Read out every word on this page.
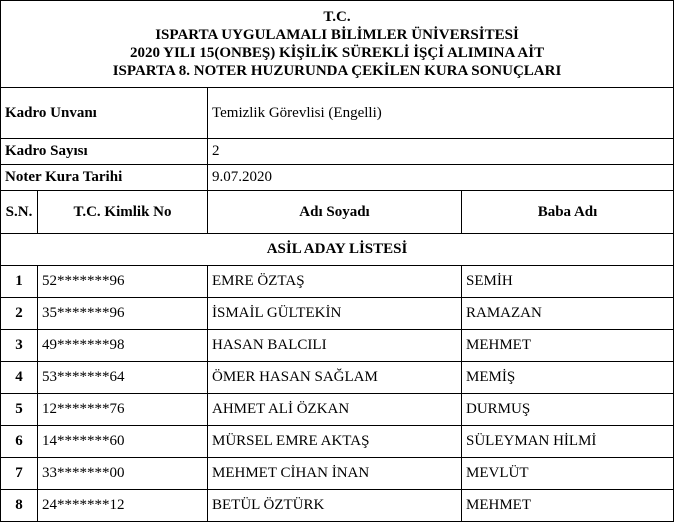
T.C.
ISPARTA UYGULAMALI BİLİMLER ÜNİVERSİTESİ
2020 YILI 15(ONBEŞ) KİŞİLİK SÜREKLİ İŞÇİ ALIMINA AİT
ISPARTA 8. NOTER HUZURUNDA ÇEKİLEN KURA SONUÇLARI			

Kadro Unvanı		Temizlik Görevlisi (Engelli)	
Kadro Sayısı		2	
Noter Kura Tarihi		9.07.2020	
S.N.	T.C. Kimlik No	Adı Soyadı	Baba Adı
ASİL ADAY LİSTESİ			
1	52*******96	EMRE ÖZTAŞ	SEMİH
2	35*******96	İSMAİL GÜLTEKİN	RAMAZAN
3	49*******98	HASAN BALCILI	MEHMET
4	53*******64	ÖMER HASAN SAĞLAM	MEMİŞ
5	12*******76	AHMET ALİ ÖZKAN	DURMUŞ
6	14*******60	MÜRSEL EMRE AKTAŞ	SÜLEYMAN HİLMİ
7	33*******00	MEHMET CİHAN İNAN	MEVLÜT
8	24*******12	BETÜL ÖZTÜRK	MEHMET
